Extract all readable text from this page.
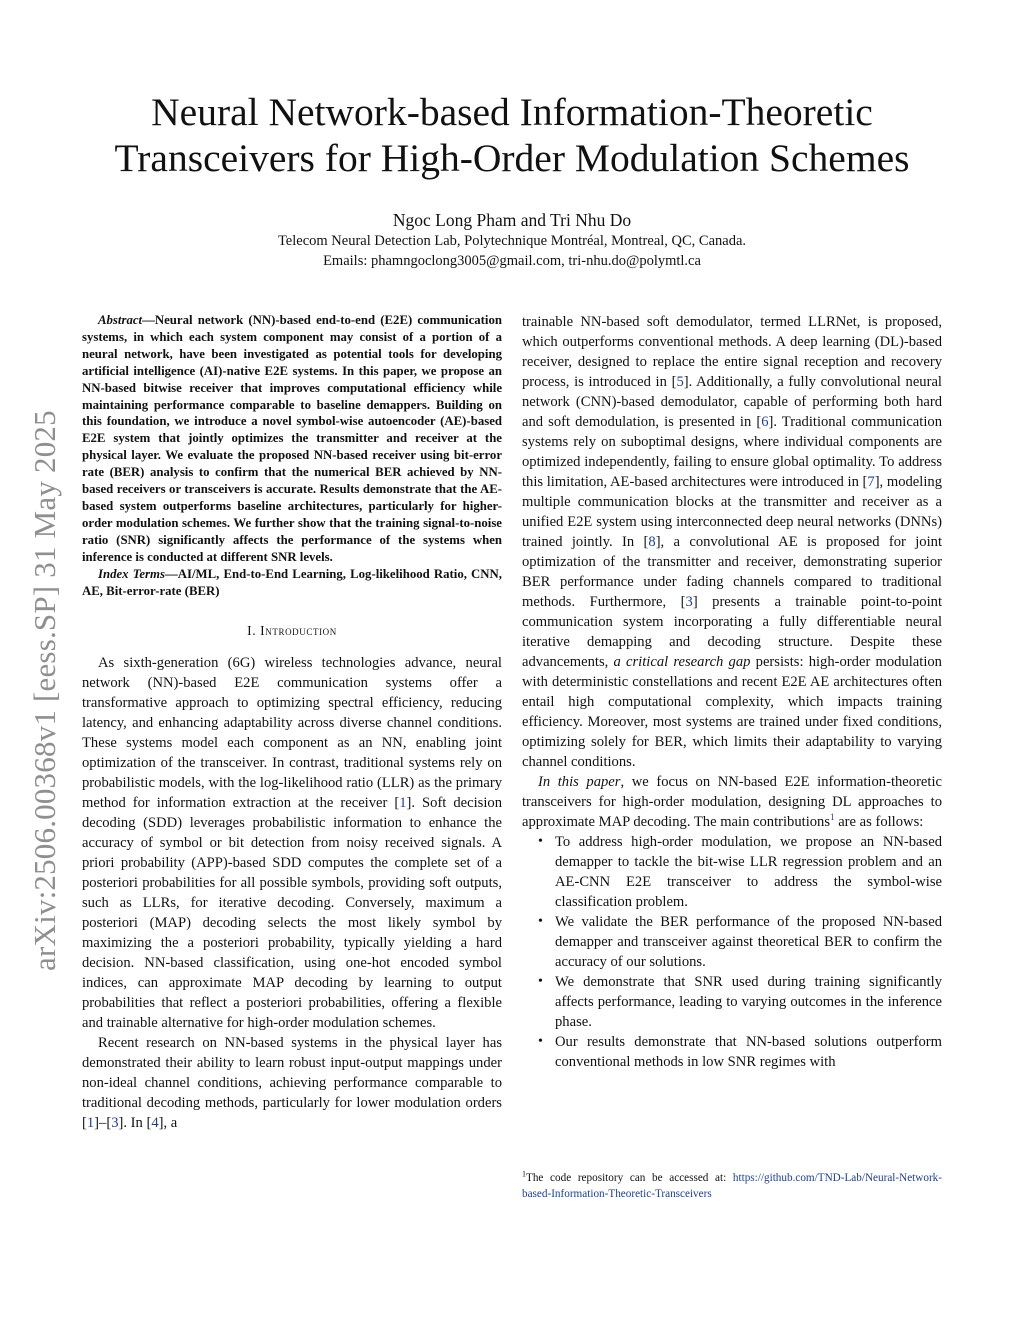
arXiv:2506.00368v1 [eess.SP] 31 May 2025
Neural Network-based Information-Theoretic
Transceivers for High-Order Modulation Schemes
Ngoc Long Pham and Tri Nhu Do
Telecom Neural Detection Lab, Polytechnique Montréal, Montreal, QC, Canada.
Emails: phamngoclong3005@gmail.com, tri-nhu.do@polymtl.ca

Abstract—Neural network (NN)-based end-to-end (E2E) communication systems, in which each system component may consist of a portion of a neural network, have been investigated as potential tools for developing artificial intelligence (AI)-native E2E systems. In this paper, we propose an NN-based bitwise receiver that improves computational efficiency while maintaining performance comparable to baseline demappers. Building on this foundation, we introduce a novel symbol-wise autoencoder (AE)-based E2E system that jointly optimizes the transmitter and receiver at the physical layer. We evaluate the proposed NN-based receiver using bit-error rate (BER) analysis to confirm that the numerical BER achieved by NN-based receivers or transceivers is accurate. Results demonstrate that the AE-based system outperforms baseline architectures, particularly for higher-order modulation schemes. We further show that the training signal-to-noise ratio (SNR) significantly affects the performance of the systems when inference is conducted at different SNR levels.

Index Terms—AI/ML, End-to-End Learning, Log-likelihood Ratio, CNN, AE, Bit-error-rate (BER)

I. Introduction

As sixth-generation (6G) wireless technologies advance, neural network (NN)-based E2E communication systems offer a transformative approach to optimizing spectral efficiency, reducing latency, and enhancing adaptability across diverse channel conditions. These systems model each component as an NN, enabling joint optimization of the transceiver. In contrast, traditional systems rely on probabilistic models, with the log-likelihood ratio (LLR) as the primary method for information extraction at the receiver [1]. Soft decision decoding (SDD) leverages probabilistic information to enhance the accuracy of symbol or bit detection from noisy received signals. A priori probability (APP)-based SDD computes the complete set of a posteriori probabilities for all possible symbols, providing soft outputs, such as LLRs, for iterative decoding. Conversely, maximum a posteriori (MAP) decoding selects the most likely symbol by maximizing the a posteriori probability, typically yielding a hard decision. NN-based classification, using one-hot encoded symbol indices, can approximate MAP decoding by learning to output probabilities that reflect a posteriori probabilities, offering a flexible and trainable alternative for high-order modulation schemes.

Recent research on NN-based systems in the physical layer has demonstrated their ability to learn robust input-output mappings under non-ideal channel conditions, achieving performance comparable to traditional decoding methods, particularly for lower modulation orders [1]–[3]. In [4], a

trainable NN-based soft demodulator, termed LLRNet, is proposed, which outperforms conventional methods. A deep learning (DL)-based receiver, designed to replace the entire signal reception and recovery process, is introduced in [5]. Additionally, a fully convolutional neural network (CNN)-based demodulator, capable of performing both hard and soft demodulation, is presented in [6]. Traditional communication systems rely on suboptimal designs, where individual components are optimized independently, failing to ensure global optimality. To address this limitation, AE-based architectures were introduced in [7], modeling multiple communication blocks at the transmitter and receiver as a unified E2E system using interconnected deep neural networks (DNNs) trained jointly. In [8], a convolutional AE is proposed for joint optimization of the transmitter and receiver, demonstrating superior BER performance under fading channels compared to traditional methods. Furthermore, [3] presents a trainable point-to-point communication system incorporating a fully differentiable neural iterative demapping and decoding structure. Despite these advancements, a critical research gap persists: high-order modulation with deterministic constellations and recent E2E AE architectures often entail high computational complexity, which impacts training efficiency. Moreover, most systems are trained under fixed conditions, optimizing solely for BER, which limits their adaptability to varying channel conditions.

In this paper, we focus on NN-based E2E information-theoretic transceivers for high-order modulation, designing DL approaches to approximate MAP decoding. The main contributions$^1$ are as follows:

• To address high-order modulation, we propose an NN-based demapper to tackle the bit-wise LLR regression problem and an AE-CNN E2E transceiver to address the symbol-wise classification problem.
• We validate the BER performance of the proposed NN-based demapper and transceiver against theoretical BER to confirm the accuracy of our solutions.
• We demonstrate that SNR used during training significantly affects performance, leading to varying outcomes in the inference phase.
• Our results demonstrate that NN-based solutions outperform conventional methods in low SNR regimes with
$^1$The code repository can be accessed at: https://github.com/TND-Lab/Neural-Network-based-Information-Theoretic-Transceivers
